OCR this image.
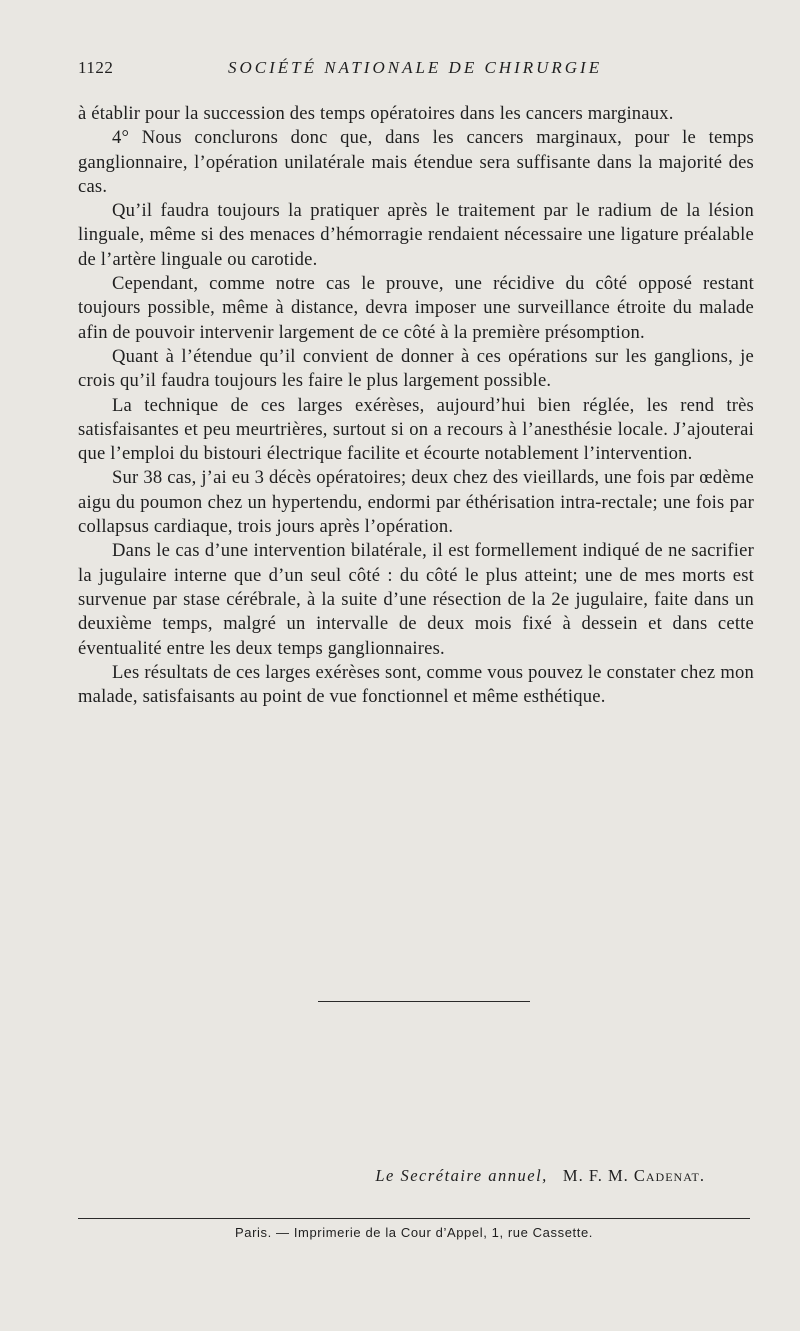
1122	SOCIÉTÉ NATIONALE DE CHIRURGIE

à établir pour la succession des temps opératoires dans les cancers marginaux.

4° Nous conclurons donc que, dans les cancers marginaux, pour le temps ganglionnaire, l’opération unilatérale mais étendue sera suffisante dans la majorité des cas.

Qu’il faudra toujours la pratiquer après le traitement par le radium de la lésion linguale, même si des menaces d’hémorragie rendaient nécessaire une ligature préalable de l’artère linguale ou carotide.

Cependant, comme notre cas le prouve, une récidive du côté opposé restant toujours possible, même à distance, devra imposer une surveillance étroite du malade afin de pouvoir intervenir largement de ce côté à la première présomption.

Quant à l’étendue qu’il convient de donner à ces opérations sur les ganglions, je crois qu’il faudra toujours les faire le plus largement possible.

La technique de ces larges exérèses, aujourd’hui bien réglée, les rend très satisfaisantes et peu meurtrières, surtout si on a recours à l’anesthésie locale. J’ajouterai que l’emploi du bistouri électrique facilite et écourte notablement l’intervention.

Sur 38 cas, j’ai eu 3 décès opératoires; deux chez des vieillards, une fois par œdème aigu du poumon chez un hypertendu, endormi par éthérisation intra-rectale; une fois par collapsus cardiaque, trois jours après l’opération.

Dans le cas d’une intervention bilatérale, il est formellement indiqué de ne sacrifier la jugulaire interne que d’un seul côté : du côté le plus atteint; une de mes morts est survenue par stase cérébrale, à la suite d’une résection de la 2e jugulaire, faite dans un deuxième temps, malgré un intervalle de deux mois fixé à dessein et dans cette éventualité entre les deux temps ganglionnaires.

Les résultats de ces larges exérèses sont, comme vous pouvez le constater chez mon malade, satisfaisants au point de vue fonctionnel et même esthétique.

Le Secrétaire annuel, M. F. M. Cadenat.
Paris. — Imprimerie de la Cour d’Appel, 1, rue Cassette.
